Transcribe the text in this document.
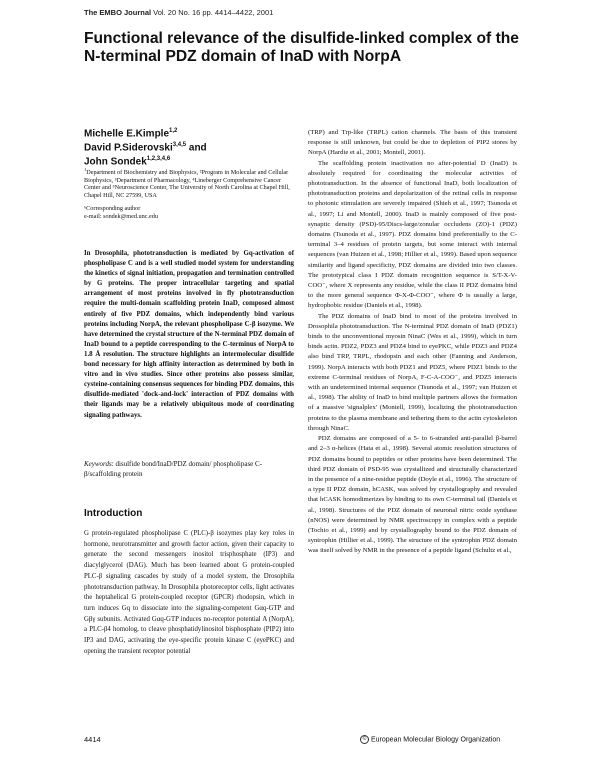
The EMBO Journal Vol. 20 No. 16 pp. 4414–4422, 2001
Functional relevance of the disulfide-linked complex of the N-terminal PDZ domain of InaD with NorpA
Michelle E.Kimple$^{1,2}$
David P.Siderovski$^{3,4,5}$ and
John Sondek$^{1,2,3,4,6}$

$^1$Department of Biochemistry and Biophysics, ²Program in Molecular and Cellular Biophysics, ³Department of Pharmacology, ⁴Lineberger Comprehensive Cancer Center and ⁵Neuroscience Center, The University of North Carolina at Chapel Hill, Chapel Hill, NC 27599, USA

⁶Corresponding author

e-mail: sondek@med.unc.edu

In Drosophila, phototransduction is mediated by Gq-activation of phospholipase C and is a well studied model system for understanding the kinetics of signal initiation, propagation and termination controlled by G proteins. The proper intracellular targeting and spatial arrangement of most proteins involved in fly phototransduction require the multi-domain scaffolding protein InaD, composed almost entirely of five PDZ domains, which independently bind various proteins including NorpA, the relevant phospholipase C-β isozyme. We have determined the crystal structure of the N-terminal PDZ domain of InaD bound to a peptide corresponding to the C-terminus of NorpA to 1.8 Å resolution. The structure highlights an intermolecular disulfide bond necessary for high affinity interaction as determined by both in vitro and in vivo studies. Since other proteins also possess similar, cysteine-containing consensus sequences for binding PDZ domains, this disulfide-mediated 'dock-and-lock' interaction of PDZ domains with their ligands may be a relatively ubiquitous mode of coordinating signaling pathways.

Keywords: disulfide bond/InaD/PDZ domain/ phospholipase C-β/scaffolding protein
Introduction

G protein-regulated phospholipase C (PLC)-β isozymes play key roles in hormone, neurotransmitter and growth factor action, given their capacity to generate the second messengers inositol trisphosphate (IP3) and diacylglycerol (DAG). Much has been learned about G protein-coupled PLC-β signaling cascades by study of a model system, the Drosophila phototransduction pathway. In Drosophila photoreceptor cells, light activates the heptahelical G protein-coupled receptor (GPCR) rhodopsin, which in turn induces Gq to dissociate into the signaling-competent Gαq-GTP and Gβγ subunits. Activated Gαq-GTP induces no-receptor potential A (NorpA), a PLC-β4 homolog, to cleave phosphatidylinositol bisphosphate (PIP2) into IP3 and DAG, activating the eye-specific protein kinase C (eyePKC) and opening the transient receptor potential

(TRP) and Trp-like (TRPL) cation channels. The basis of this transient response is still unknown, but could be due to depletion of PIP2 stores by NorpA (Hardie et al., 2001; Montell, 2001).

The scaffolding protein inactivation no after-potential D (InaD) is absolutely required for coordinating the molecular activities of phototransduction. In the absence of functional InaD, both localization of phototransduction proteins and depolarization of the retinal cells in response to photonic stimulation are severely impaired (Shieh et al., 1997; Tsunoda et al., 1997; Li and Montell, 2000). InaD is mainly composed of five post-synaptic density (PSD)-95/Discs-large/zonular occludens (ZO)-1 (PDZ) domains (Tsunoda et al., 1997). PDZ domains bind preferentially to the C-terminal 3–4 residues of protein targets, but some interact with internal sequences (van Huizen et al., 1998; Hillier et al., 1999). Based upon sequence similarity and ligand specificity, PDZ domains are divided into two classes. The prototypical class I PDZ domain recognition sequence is S/T-X-V-COO⁻, where X represents any residue, while the class II PDZ domains bind to the more general sequence Φ-X-Φ-COO⁻, where Φ is usually a large, hydrophobic residue (Daniels et al., 1998).

The PDZ domains of InaD bind to most of the proteins involved in Drosophila phototransduction. The N-terminal PDZ domain of InaD (PDZ1) binds to the unconventional myosin NinaC (Wes et al., 1999), which in turn binds actin. PDZ2, PDZ3 and PDZ4 bind to eyePKC, while PDZ3 and PDZ4 also bind TRP, TRPL, rhodopsin and each other (Fanning and Anderson, 1999). NorpA interacts with both PDZ1 and PDZ5, where PDZ1 binds to the extreme C-terminal residues of NorpA, F-C-A-COO⁻, and PDZ5 interacts with an undetermined internal sequence (Tsunoda et al., 1997; van Huizen et al., 1998). The ability of InaD to bind multiple partners allows the formation of a massive 'signalplex' (Montell, 1999), localizing the phototransduction proteins to the plasma membrane and tethering them to the actin cytoskeleton through NinaC.

PDZ domains are composed of a 5- to 6-stranded anti-parallel β-barrel and 2–3 α-helices (Hata et al., 1998). Several atomic resolution structures of PDZ domains bound to peptides or other proteins have been determined. The third PDZ domain of PSD-95 was crystallized and structurally characterized in the presence of a nine-residue peptide (Doyle et al., 1996). The structure of a type II PDZ domain, hCASK, was solved by crystallography and revealed that hCASK homodimerizes by binding to its own C-terminal tail (Daniels et al., 1998). Structures of the PDZ domain of neuronal nitric oxide synthase (nNOS) were determined by NMR spectroscopy in complex with a peptide (Tochio et al., 1999) and by crystallography bound to the PDZ domain of syntrophin (Hillier et al., 1999). The structure of the syntrophin PDZ domain was itself solved by NMR in the presence of a peptide ligand (Schultz et al.,

4414	© European Molecular Biology Organization
